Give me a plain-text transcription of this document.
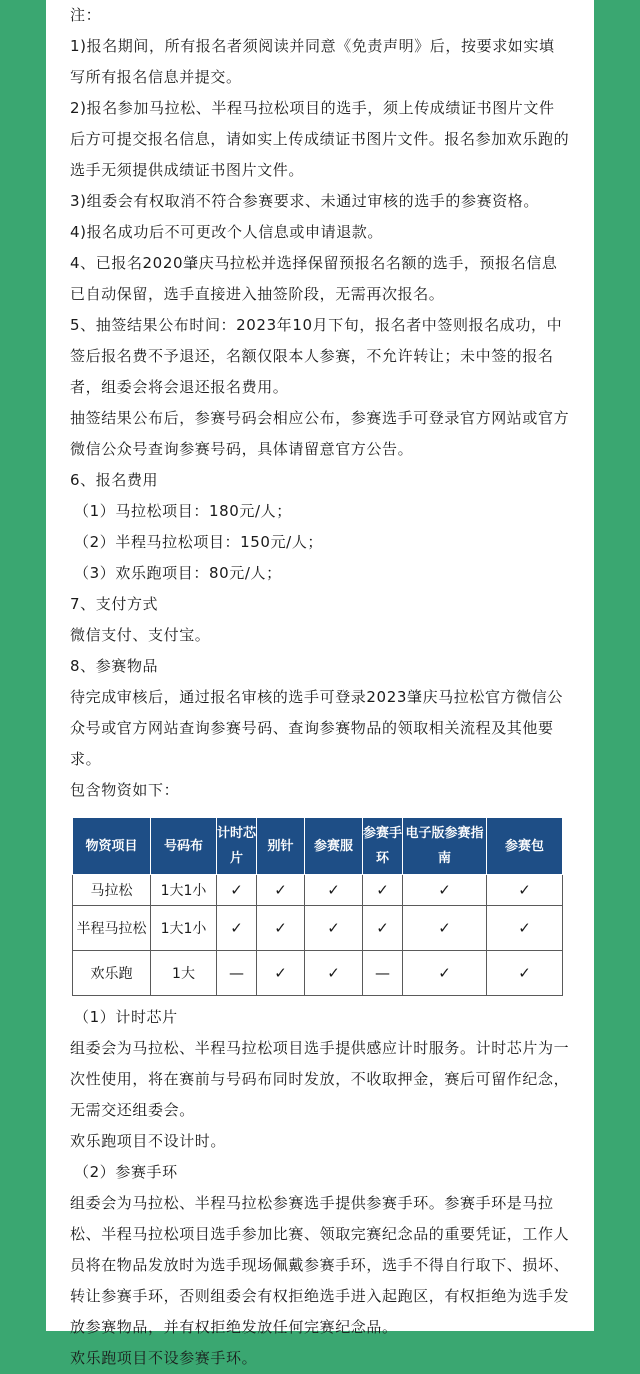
注：

1)报名期间，所有报名者须阅读并同意《免责声明》后，按要求如实填写所有报名信息并提交。

2)报名参加马拉松、半程马拉松项目的选手，须上传成绩证书图片文件后方可提交报名信息，请如实上传成绩证书图片文件。报名参加欢乐跑的选手无须提供成绩证书图片文件。

3)组委会有权取消不符合参赛要求、未通过审核的选手的参赛资格。

4)报名成功后不可更改个人信息或申请退款。

4、已报名2020肇庆马拉松并选择保留预报名名额的选手，预报名信息已自动保留，选手直接进入抽签阶段，无需再次报名。

5、抽签结果公布时间：2023年10月下旬，报名者中签则报名成功，中签后报名费不予退还，名额仅限本人参赛，不允许转让；未中签的报名者，组委会将会退还报名费用。

抽签结果公布后，参赛号码会相应公布，参赛选手可登录官方网站或官方微信公众号查询参赛号码，具体请留意官方公告。

6、报名费用

（1）马拉松项目：180元/人；

（2）半程马拉松项目：150元/人；

（3）欢乐跑项目：80元/人；

7、支付方式

微信支付、支付宝。

8、参赛物品

待完成审核后，通过报名审核的选手可登录2023肇庆马拉松官方微信公众号或官方网站查询参赛号码、查询参赛物品的领取相关流程及其他要求。

包含物资如下：

物资项目	号码布	计时芯片	别针	参赛服	参赛手环	电子版参赛指南	参赛包
马拉松	1大1小	✓	✓	✓	✓	✓	✓
半程马拉松	1大1小	✓	✓	✓	✓	✓	✓
欢乐跑	1大	—	✓	✓	—	✓	✓

（1）计时芯片

组委会为马拉松、半程马拉松项目选手提供感应计时服务。计时芯片为一次性使用，将在赛前与号码布同时发放，不收取押金，赛后可留作纪念，无需交还组委会。

欢乐跑项目不设计时。

（2）参赛手环

组委会为马拉松、半程马拉松参赛选手提供参赛手环。参赛手环是马拉松、半程马拉松项目选手参加比赛、领取完赛纪念品的重要凭证，工作人员将在物品发放时为选手现场佩戴参赛手环，选手不得自行取下、损坏、转让参赛手环，否则组委会有权拒绝选手进入起跑区，有权拒绝为选手发放参赛物品，并有权拒绝发放任何完赛纪念品。

欢乐跑项目不设参赛手环。
